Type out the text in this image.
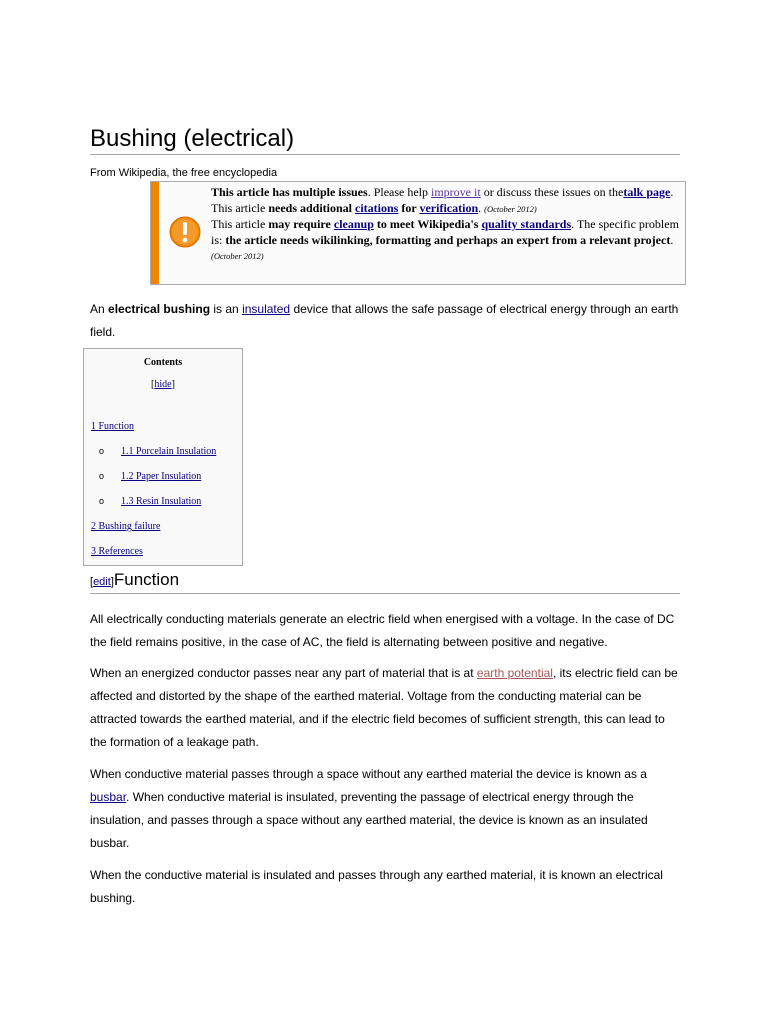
Bushing (electrical)
From Wikipedia, the free encyclopedia
This article has multiple issues. Please help improve it or discuss these issues on thetalk page.
This article needs additional citations for verification. (October 2012)
This article may require cleanup to meet Wikipedia's quality standards. The specific problem is: the article needs wikilinking, formatting and perhaps an expert from a relevant project. (October 2012)
An electrical bushing is an insulated device that allows the safe passage of electrical energy through an earth field.
Contents
[hide]
1 Function
o 1.1 Porcelain Insulation
o 1.2 Paper Insulation
o 1.3 Resin Insulation
2 Bushing failure
3 References
[edit]Function
All electrically conducting materials generate an electric field when energised with a voltage. In the case of DC the field remains positive, in the case of AC, the field is alternating between positive and negative.
When an energized conductor passes near any part of material that is at earth potential, its electric field can be affected and distorted by the shape of the earthed material. Voltage from the conducting material can be attracted towards the earthed material, and if the electric field becomes of sufficient strength, this can lead to the formation of a leakage path.
When conductive material passes through a space without any earthed material the device is known as a busbar. When conductive material is insulated, preventing the passage of electrical energy through the insulation, and passes through a space without any earthed material, the device is known as an insulated busbar.
When the conductive material is insulated and passes through any earthed material, it is known an electrical bushing.
